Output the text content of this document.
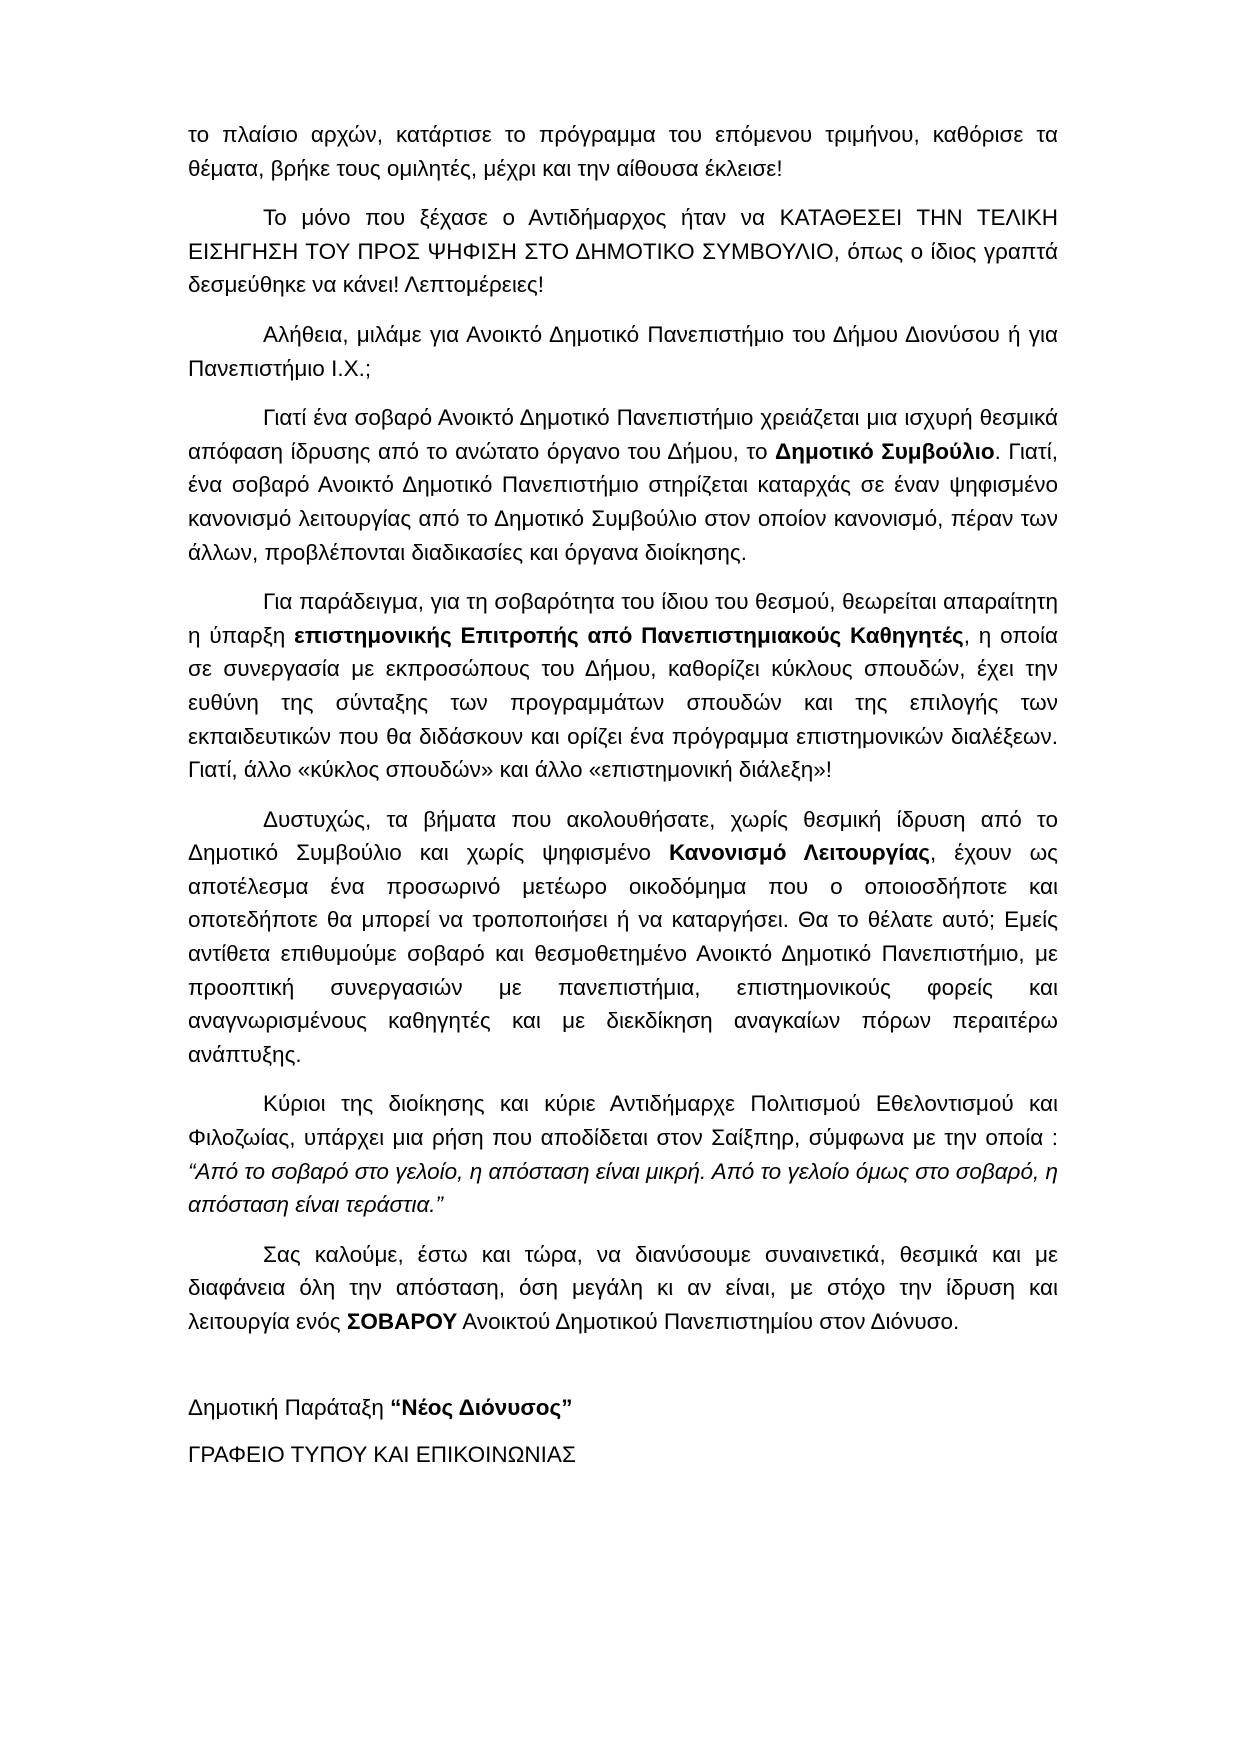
το πλαίσιο αρχών, κατάρτισε το πρόγραμμα του επόμενου τριμήνου, καθόρισε τα θέματα, βρήκε τους ομιλητές, μέχρι και την αίθουσα έκλεισε!

Το μόνο που ξέχασε ο Αντιδήμαρχος ήταν να ΚΑΤΑΘΕΣΕΙ ΤΗΝ ΤΕΛΙΚΗ ΕΙΣΗΓΗΣΗ ΤΟΥ ΠΡΟΣ ΨΗΦΙΣΗ ΣΤΟ ΔΗΜΟΤΙΚΟ ΣΥΜΒΟΥΛΙΟ, όπως ο ίδιος γραπτά δεσμεύθηκε να κάνει! Λεπτομέρειες!

Αλήθεια, μιλάμε για Ανοικτό Δημοτικό Πανεπιστήμιο του Δήμου Διονύσου ή για Πανεπιστήμιο Ι.Χ.;

Γιατί ένα σοβαρό Ανοικτό Δημοτικό Πανεπιστήμιο χρειάζεται μια ισχυρή θεσμικά απόφαση ίδρυσης από το ανώτατο όργανο του Δήμου, το Δημοτικό Συμβούλιο. Γιατί, ένα σοβαρό Ανοικτό Δημοτικό Πανεπιστήμιο στηρίζεται καταρχάς σε έναν ψηφισμένο κανονισμό λειτουργίας από το Δημοτικό Συμβούλιο στον οποίον κανονισμό, πέραν των άλλων, προβλέπονται διαδικασίες και όργανα διοίκησης.

Για παράδειγμα, για τη σοβαρότητα του ίδιου του θεσμού, θεωρείται απαραίτητη η ύπαρξη επιστημονικής Επιτροπής από Πανεπιστημιακούς Καθηγητές, η οποία σε συνεργασία με εκπροσώπους του Δήμου, καθορίζει κύκλους σπουδών, έχει την ευθύνη της σύνταξης των προγραμμάτων σπουδών και της επιλογής των εκπαιδευτικών που θα διδάσκουν και ορίζει ένα πρόγραμμα επιστημονικών διαλέξεων. Γιατί, άλλο «κύκλος σπουδών» και άλλο «επιστημονική διάλεξη»!

Δυστυχώς, τα βήματα που ακολουθήσατε, χωρίς θεσμική ίδρυση από το Δημοτικό Συμβούλιο και χωρίς ψηφισμένο Κανονισμό Λειτουργίας, έχουν ως αποτέλεσμα ένα προσωρινό μετέωρο οικοδόμημα που ο οποιοσδήποτε και οποτεδήποτε θα μπορεί να τροποποιήσει ή να καταργήσει. Θα το θέλατε αυτό; Εμείς αντίθετα επιθυμούμε σοβαρό και θεσμοθετημένο Ανοικτό Δημοτικό Πανεπιστήμιο, με προοπτική συνεργασιών με πανεπιστήμια, επιστημονικούς φορείς και αναγνωρισμένους καθηγητές και με διεκδίκηση αναγκαίων πόρων περαιτέρω ανάπτυξης.

Κύριοι της διοίκησης και κύριε Αντιδήμαρχε Πολιτισμού Εθελοντισμού και Φιλοζωίας, υπάρχει μια ρήση που αποδίδεται στον Σαίξπηρ, σύμφωνα με την οποία : “Από το σοβαρό στο γελοίο, η απόσταση είναι μικρή. Από το γελοίο όμως στο σοβαρό, η απόσταση είναι τεράστια.”

Σας καλούμε, έστω και τώρα, να διανύσουμε συναινετικά, θεσμικά και με διαφάνεια όλη την απόσταση, όση μεγάλη κι αν είναι, με στόχο την ίδρυση και λειτουργία ενός ΣΟΒΑΡΟΥ Ανοικτού Δημοτικού Πανεπιστημίου στον Διόνυσο.

Δημοτική Παράταξη “Νέος Διόνυσος”

ΓΡΑΦΕΙΟ ΤΥΠΟΥ ΚΑΙ ΕΠΙΚΟΙΝΩΝΙΑΣ
